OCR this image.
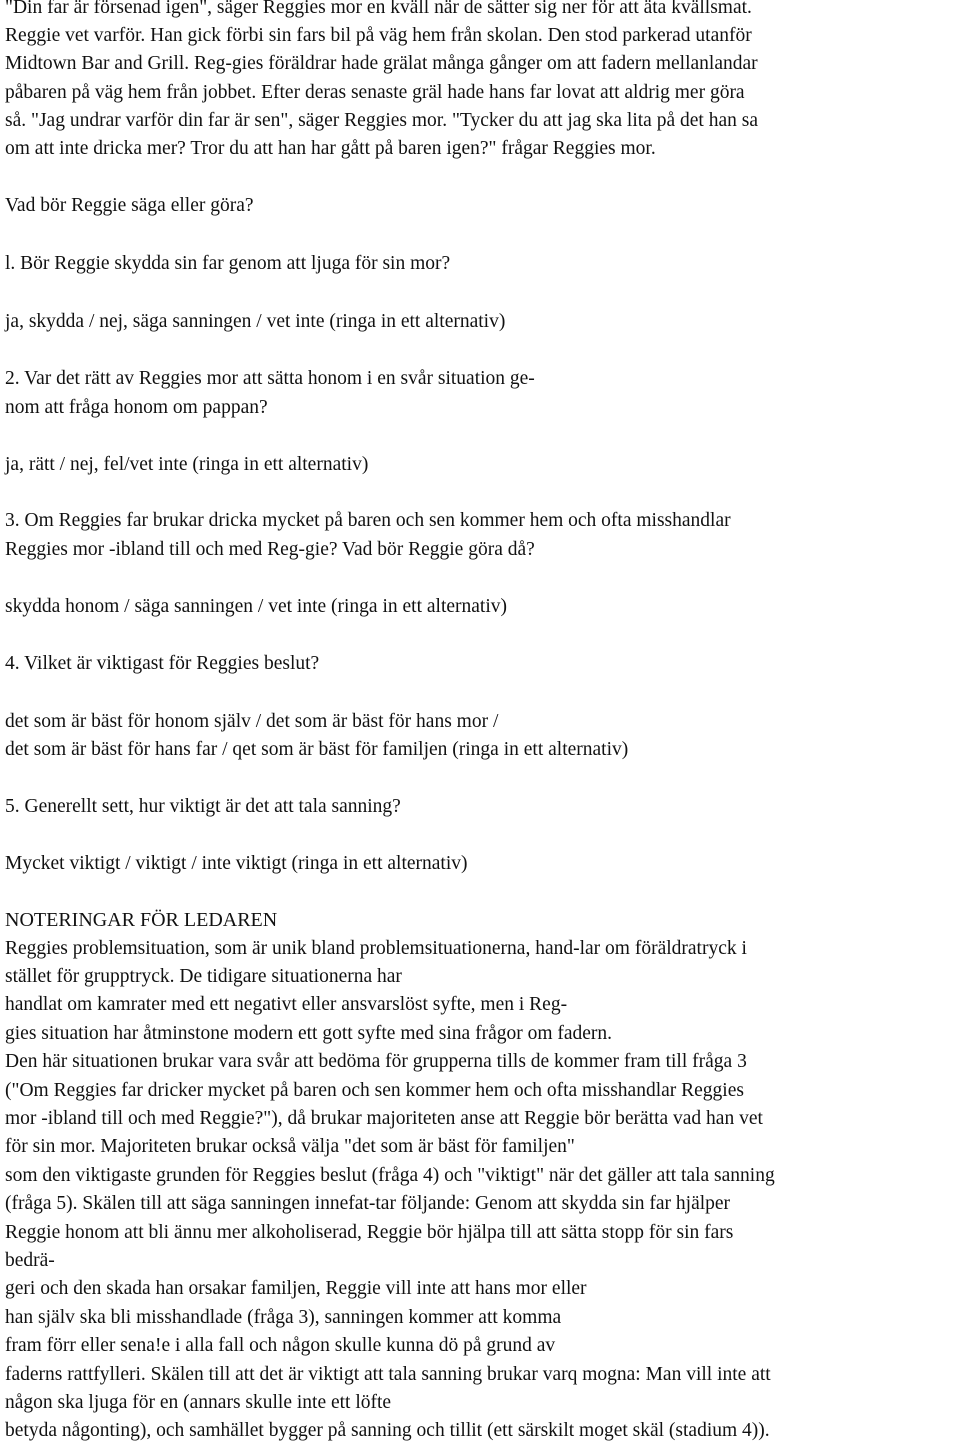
"Din far är försenad igen", säger Reggies mor en kväll när de sätter sig ner för att äta kvällsmat.
Reggie vet varför. Han gick förbi sin fars bil på väg hem från skolan. Den stod parkerad utanför
Midtown Bar and Grill. Reg-gies föräldrar hade grälat många gånger om att fadern mellanlandar
påbaren på väg hem från jobbet. Efter deras senaste gräl hade hans far lovat att aldrig mer göra
så. "Jag undrar varför din far är sen", säger Reggies mor. "Tycker du att jag ska lita på det han sa
om att inte dricka mer? Tror du att han har gått på baren igen?" frågar Reggies mor.
Vad bör Reggie säga eller göra?
l. Bör Reggie skydda sin far genom att ljuga för sin mor?
ja, skydda / nej, säga sanningen / vet inte (ringa in ett alternativ)
2. Var det rätt av Reggies mor att sätta honom i en svår situation ge-
nom att fråga honom om pappan?
ja, rätt / nej, fel/vet inte (ringa in ett alternativ)
3. Om Reggies far brukar dricka mycket på baren och sen kommer hem och ofta misshandlar
Reggies mor -ibland till och med Reg-gie? Vad bör Reggie göra då?
skydda honom / säga sanningen / vet inte (ringa in ett alternativ)
4. Vilket är viktigast för Reggies beslut?
det som är bäst för honom själv / det som är bäst för hans mor /
det som är bäst för hans far / qet som är bäst för familjen (ringa in ett alternativ)
5. Generellt sett, hur viktigt är det att tala sanning?
Mycket viktigt / viktigt / inte viktigt (ringa in ett alternativ)
NOTERINGAR FÖR LEDAREN
Reggies problemsituation, som är unik bland problemsituationerna, hand-lar om föräldratryck i
stället för grupptryck. De tidigare situationerna har
handlat om kamrater med ett negativt eller ansvarslöst syfte, men i Reg-
gies situation har åtminstone modern ett gott syfte med sina frågor om fadern.
Den här situationen brukar vara svår att bedöma för grupperna tills de kommer fram till fråga 3
("Om Reggies far dricker mycket på baren och sen kommer hem och ofta misshandlar Reggies
mor -ibland till och med Reggie?"), då brukar majoriteten anse att Reggie bör berätta vad han vet
för sin mor. Majoriteten brukar också välja "det som är bäst för familjen"
som den viktigaste grunden för Reggies beslut (fråga 4) och "viktigt" när det gäller att tala sanning
(fråga 5). Skälen till att säga sanningen innefat-tar följande: Genom att skydda sin far hjälper
Reggie honom att bli ännu mer alkoholiserad, Reggie bör hjälpa till att sätta stopp för sin fars
bedrä-
geri och den skada han orsakar familjen, Reggie vill inte att hans mor eller
han själv ska bli misshandlade (fråga 3), sanningen kommer att komma
fram förr eller sena!e i alla fall och någon skulle kunna dö på grund av
faderns rattfylleri. Skälen till att det är viktigt att tala sanning brukar varq mogna: Man vill inte att
någon ska ljuga för en (annars skulle inte ett löfte
betyda någonting), och samhället bygger på sanning och tillit (ett särskilt moget skäl (stadium 4)).
